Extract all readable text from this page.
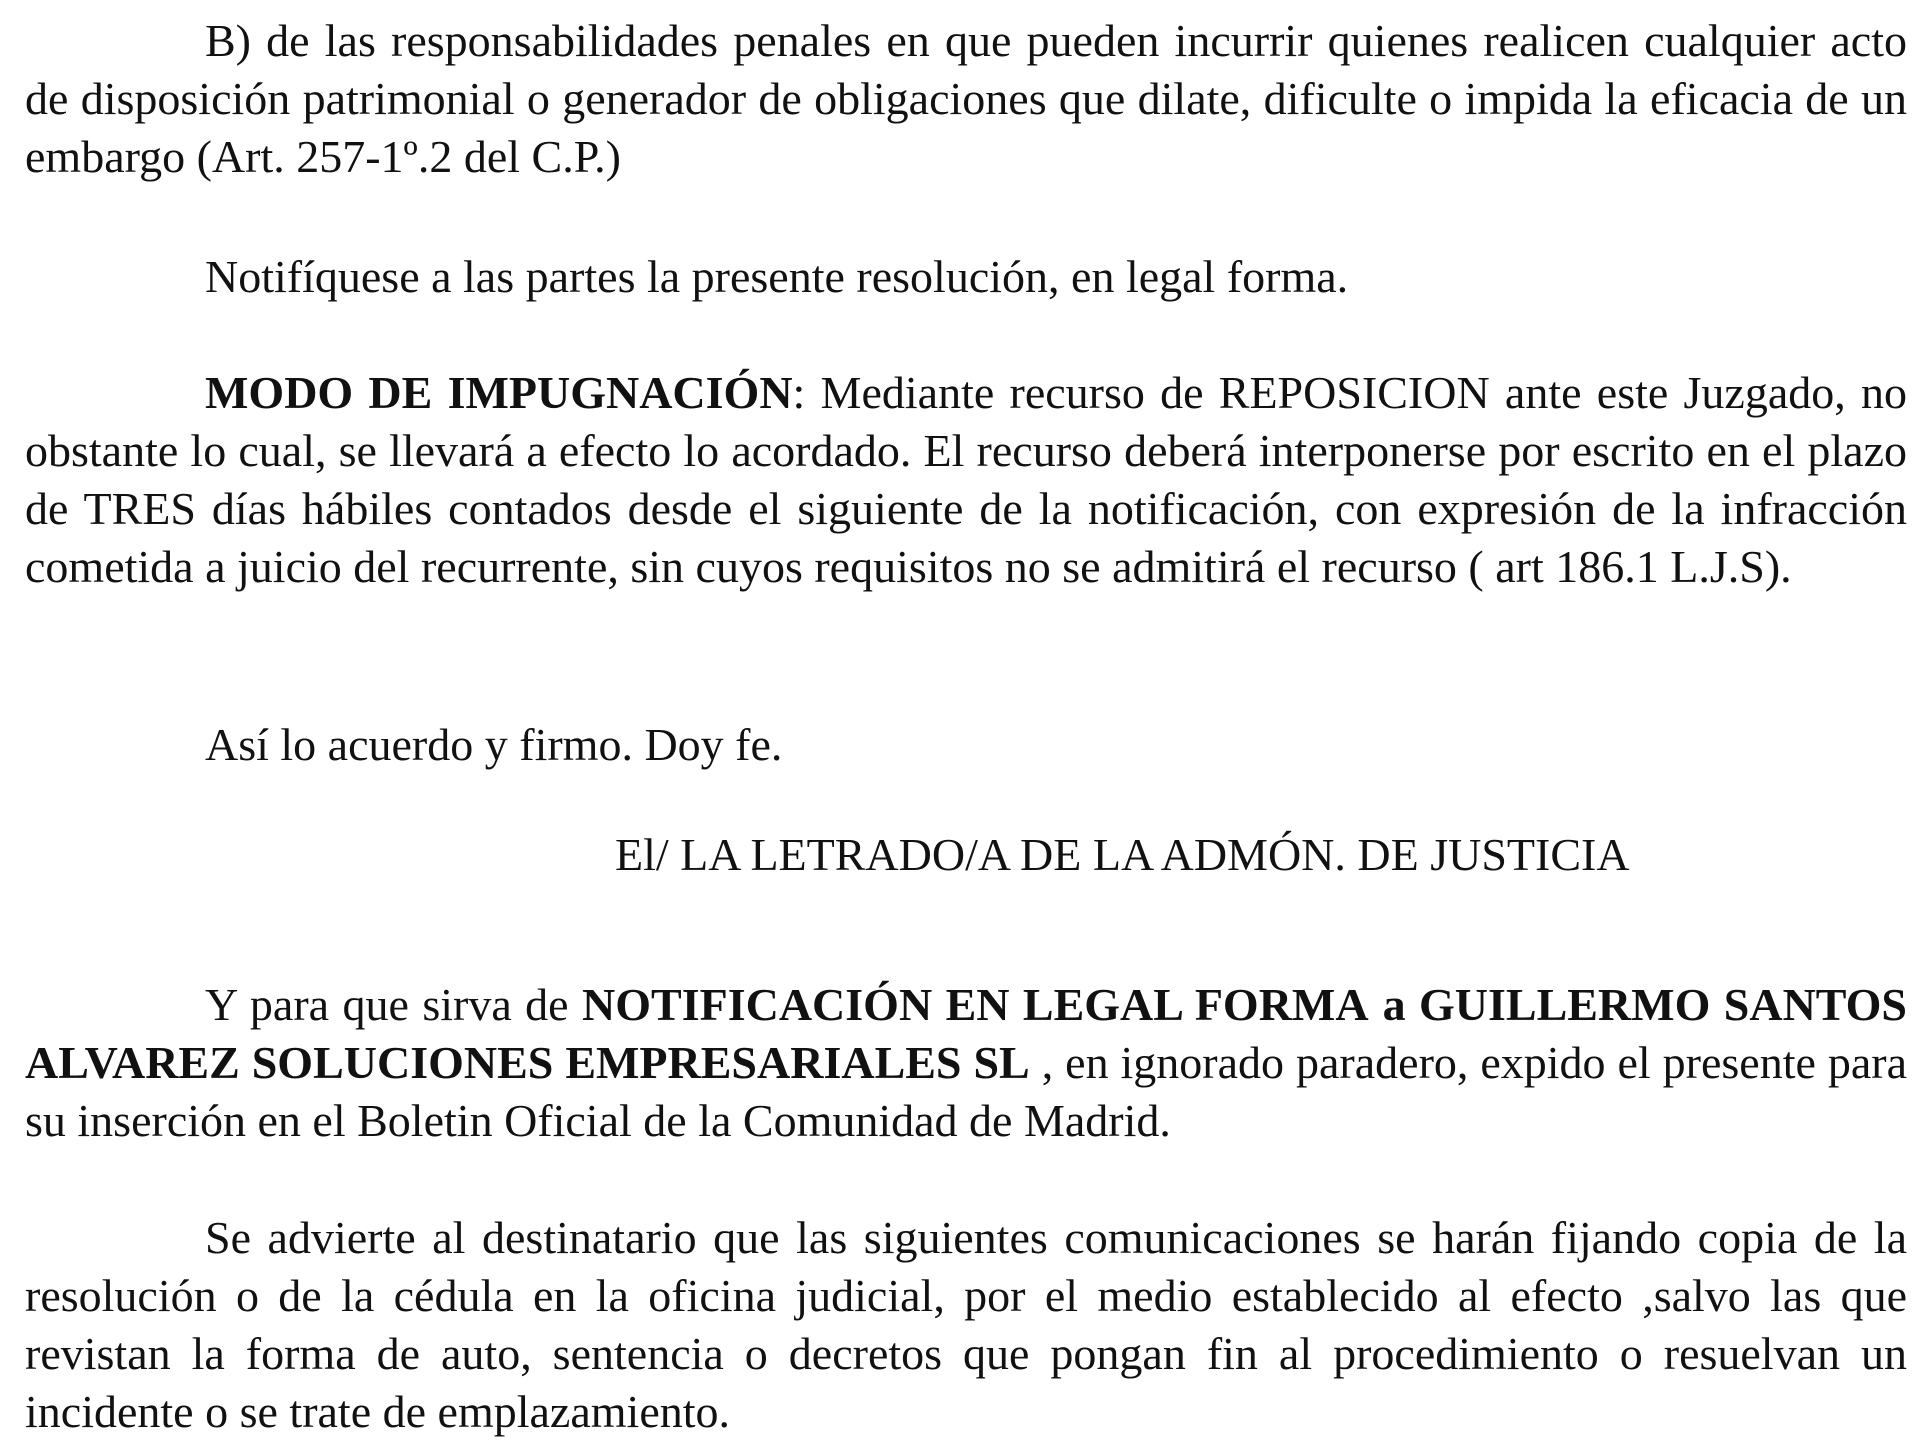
B) de las responsabilidades penales en que pueden incurrir quienes realicen cualquier acto de disposición patrimonial o generador de obligaciones que dilate, dificulte o impida la eficacia de un embargo (Art. 257-1º.2 del C.P.)

Notifíquese a las partes la presente resolución, en legal forma.

MODO DE IMPUGNACIÓN: Mediante recurso de REPOSICION ante este Juzgado, no obstante lo cual, se llevará a efecto lo acordado. El recurso deberá interponerse por escrito en el plazo de TRES días hábiles contados desde el siguiente de la notificación, con expresión de la infracción cometida a juicio del recurrente, sin cuyos requisitos no se admitirá el recurso ( art 186.1 L.J.S).

Así lo acuerdo y firmo. Doy fe.

El/ LA LETRADO/A DE LA ADMÓN. DE JUSTICIA

Y para que sirva de NOTIFICACIÓN EN LEGAL FORMA a GUILLERMO SANTOS ALVAREZ SOLUCIONES EMPRESARIALES SL , en ignorado paradero, expido el presente para su inserción en el Boletin Oficial de la Comunidad de Madrid.

Se advierte al destinatario que las siguientes comunicaciones se harán fijando copia de la resolución o de la cédula en la oficina judicial, por el medio establecido al efecto ,salvo las que revistan la forma de auto, sentencia o decretos que pongan fin al procedimiento o resuelvan un incidente o se trate de emplazamiento.
